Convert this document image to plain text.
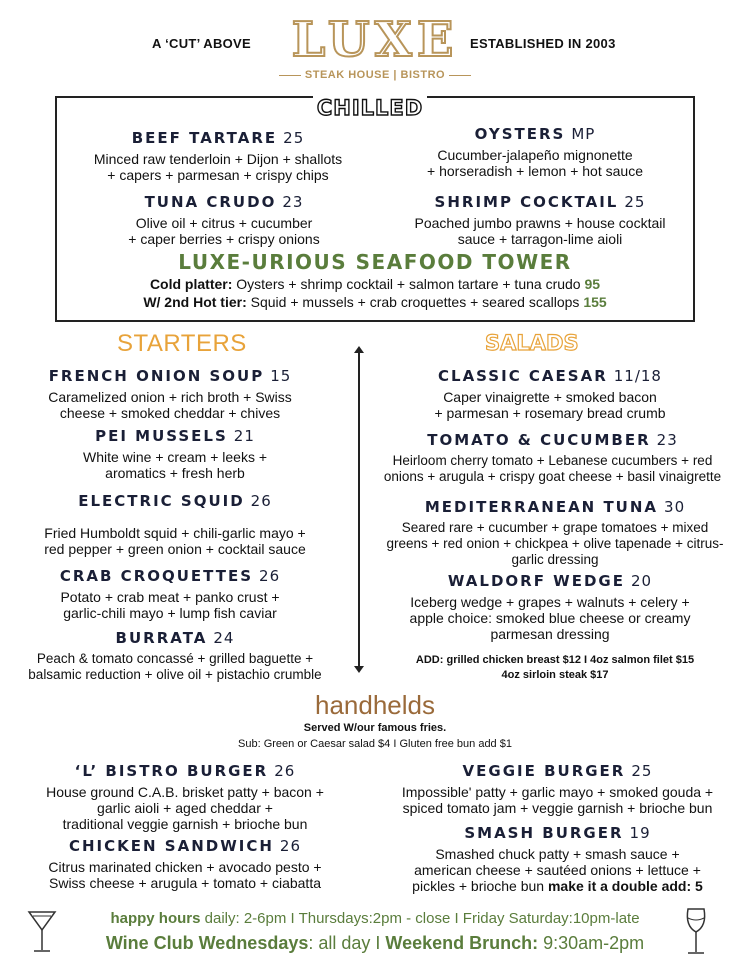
A ‘CUT’ ABOVE	ESTABLISHED IN 2003
LUXE
STEAK HOUSE | BISTRO
CHILLED
BEEF TARTARE 25
Minced raw tenderloin + Dijon + shallots
+ capers + parmesan + crispy chips
OYSTERS MP
Cucumber-jalapeño mignonette
+ horseradish + lemon + hot sauce
TUNA CRUDO 23
Olive oil + citrus + cucumber
+ caper berries + crispy onions
SHRIMP COCKTAIL 25
Poached jumbo prawns + house cocktail
sauce + tarragon-lime aioli
LUXE-URIOUS SEAFOOD TOWER
Cold platter: Oysters + shrimp cocktail + salmon tartare + tuna crudo 95
W/ 2nd Hot tier: Squid + mussels + crab croquettes + seared scallops 155
STARTERS
FRENCH ONION SOUP 15
Caramelized onion + rich broth + Swiss
cheese + smoked cheddar + chives
PEI MUSSELS 21
White wine + cream + leeks +
aromatics + fresh herb
ELECTRIC SQUID 26
Fried Humboldt squid + chili-garlic mayo +
red pepper + green onion + cocktail sauce
CRAB CROQUETTES 26
Potato + crab meat + panko crust +
garlic-chili mayo + lump fish caviar
BURRATA 24
Peach & tomato concassé + grilled baguette +
balsamic reduction + olive oil + pistachio crumble
SALADS
CLASSIC CAESAR 11/18
Caper vinaigrette + smoked bacon
+ parmesan + rosemary bread crumb
TOMATO & CUCUMBER 23
Heirloom cherry tomato + Lebanese cucumbers + red
onions + arugula + crispy goat cheese + basil vinaigrette
MEDITERRANEAN TUNA 30
Seared rare + cucumber + grape tomatoes + mixed
greens + red onion + chickpea + olive tapenade + citrus-
garlic dressing
WALDORF WEDGE 20
Iceberg wedge + grapes + walnuts + celery +
apple choice: smoked blue cheese or creamy
parmesan dressing
ADD: grilled chicken breast $12 I 4oz salmon filet $15
4oz sirloin steak $17
handhelds
Served W/our famous fries.
Sub: Green or Caesar salad $4 I Gluten free bun add $1
‘L’ BISTRO BURGER 26
House ground C.A.B. brisket patty + bacon +
garlic aioli + aged cheddar +
traditional veggie garnish + brioche bun
VEGGIE BURGER 25
Impossible' patty + garlic mayo + smoked gouda +
spiced tomato jam + veggie garnish + brioche bun
CHICKEN SANDWICH 26
Citrus marinated chicken + avocado pesto +
Swiss cheese + arugula + tomato + ciabatta
SMASH BURGER 19
Smashed chuck patty + smash sauce +
american cheese + sautéed onions + lettuce +
pickles + brioche bun make it a double add: 5
happy hours daily: 2-6pm I Thursdays:2pm - close I Friday Saturday:10pm-late
Wine Club Wednesdays: all day I Weekend Brunch: 9:30am-2pm
